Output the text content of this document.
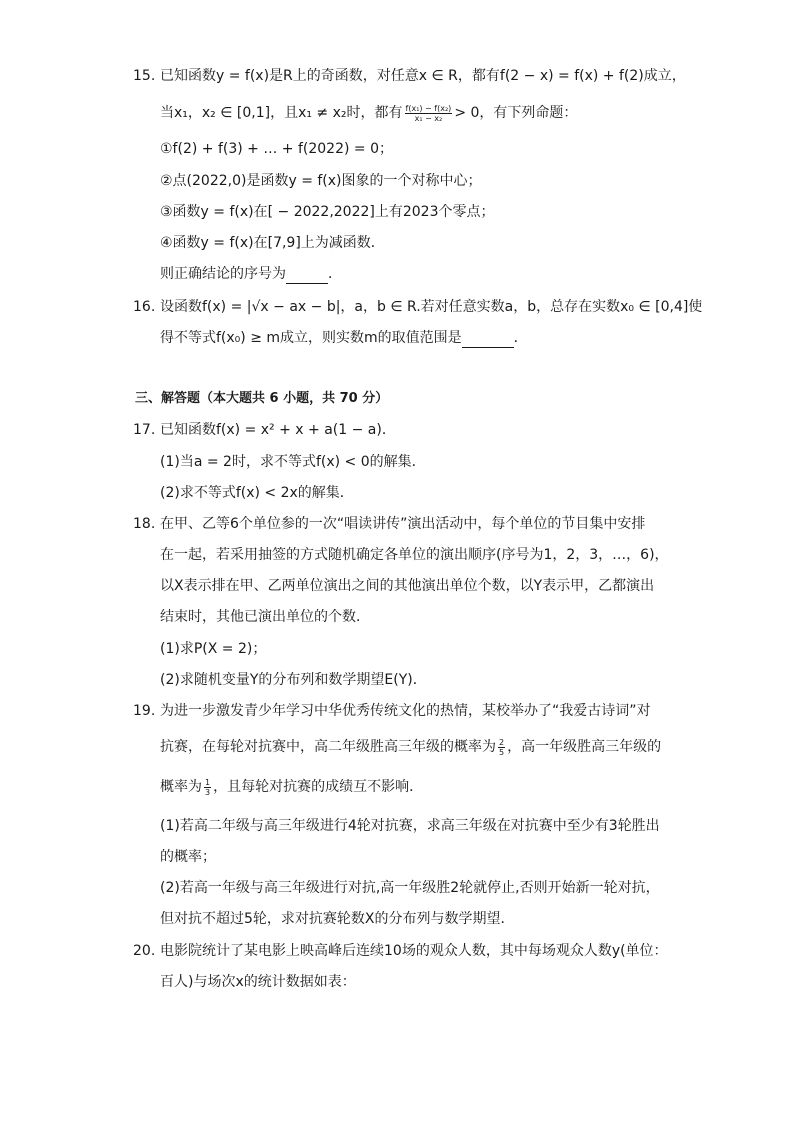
15. 已知函数y = f(x)是R上的奇函数，对任意x ∈ R，都有f(2 − x) = f(x) + f(2)成立，
当x₁，x₂ ∈ [0,1]，且x₁ ≠ x₂时，都有 $\frac{\text{f(x₁) − f(x₂)}}{\text{x₁ − x₂}} > 0$，有下列命题：
①f(2) + f(3) + … + f(2022) = 0；
②点(2022,0)是函数y = f(x)图象的一个对称中心；
③函数y = f(x)在[ − 2022,2022]上有2023个零点；
④函数y = f(x)在[7,9]上为减函数．
则正确结论的序号为	．
16. 设函数f(x) = |√x − ax − b|，a，b ∈ R.若对任意实数a，b，总存在实数x₀ ∈ [0,4]使
得不等式f(x₀) ≥ m成立，则实数m的取值范围是	．
三、解答题（本大题共 6 小题，共 70 分）
17. 已知函数f(x) = x² + x + a(1 − a)．
(1)当a = 2时，求不等式f(x) < 0的解集．
(2)求不等式f(x) < 2x的解集．
18. 在甲、乙等6个单位参的一次“唱读讲传”演出活动中，每个单位的节目集中安排
在一起，若采用抽签的方式随机确定各单位的演出顺序(序号为1，2，3，…，6)，
以X表示排在甲、乙两单位演出之间的其他演出单位个数，以Y表示甲，乙都演出
结束时，其他已演出单位的个数．
(1)求P(X = 2)；
(2)求随机变量Y的分布列和数学期望E(Y)．
19. 为进一步激发青少年学习中华优秀传统文化的热情，某校举办了“我爱古诗词”对
抗赛，在每轮对抗赛中，高二年级胜高三年级的概率为 $\frac{2}{5}$ ，高一年级胜高三年级的
概率为 $\frac{1}{3}$ ，且每轮对抗赛的成绩互不影响．
(1)若高二年级与高三年级进行4轮对抗赛，求高三年级在对抗赛中至少有3轮胜出
的概率；
(2)若高一年级与高三年级进行对抗,高一年级胜2轮就停止,否则开始新一轮对抗，
但对抗不超过5轮，求对抗赛轮数X的分布列与数学期望．
20. 电影院统计了某电影上映高峰后连续10场的观众人数，其中每场观众人数y(单位：
百人)与场次x的统计数据如表：
